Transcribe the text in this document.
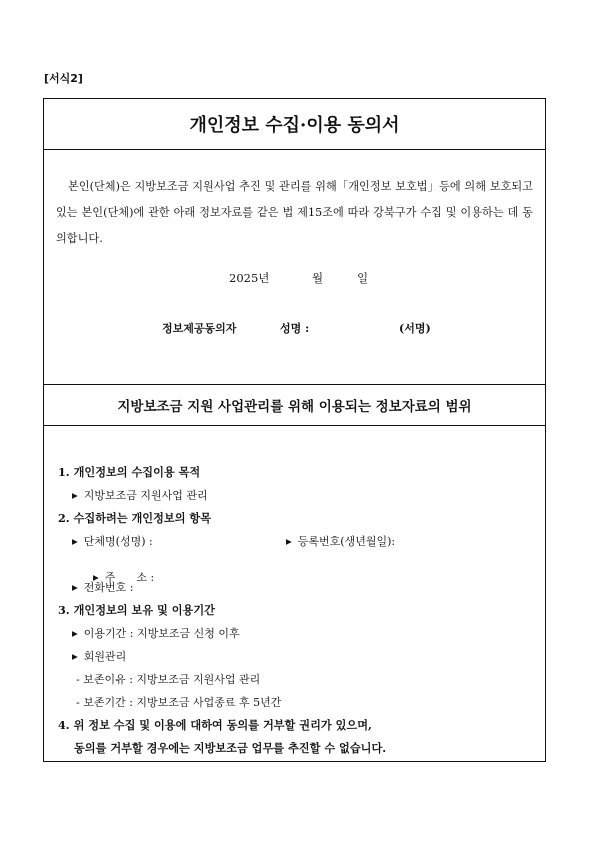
[서식2]
개인정보 수집·이용 동의서

본인(단체)은 지방보조금 지원사업 추진 및 관리를 위해「개인정보 보호법」등에 의해 보호되고 있는 본인(단체)에 관한 아래 정보자료를 같은 법 제15조에 따라 강북구가 수집 및 이용하는 데 동의합니다.

2025년	월	일
정보제공동의자	성명 :	(서명)
지방보조금 지원 사업관리를 위해 이용되는 정보자료의 범위
1. 개인정보의 수집이용 목적
▶ 지방보조금 지원사업 관리
2. 수집하려는 개인정보의 항목
▶ 단체명(성명) :	▶ 등록번호(생년월일):

▶ 주      소 :

▶ 전화번호 :
3. 개인정보의 보유 및 이용기간
▶ 이용기간 : 지방보조금 신청 이후
▶ 회원관리
- 보존이유 : 지방보조금 지원사업 관리
- 보존기간 : 지방보조금 사업종료 후 5년간
4. 위 정보 수집 및 이용에 대하여 동의를 거부할 권리가 있으며,
동의를 거부할 경우에는 지방보조금 업무를 추진할 수 없습니다.
